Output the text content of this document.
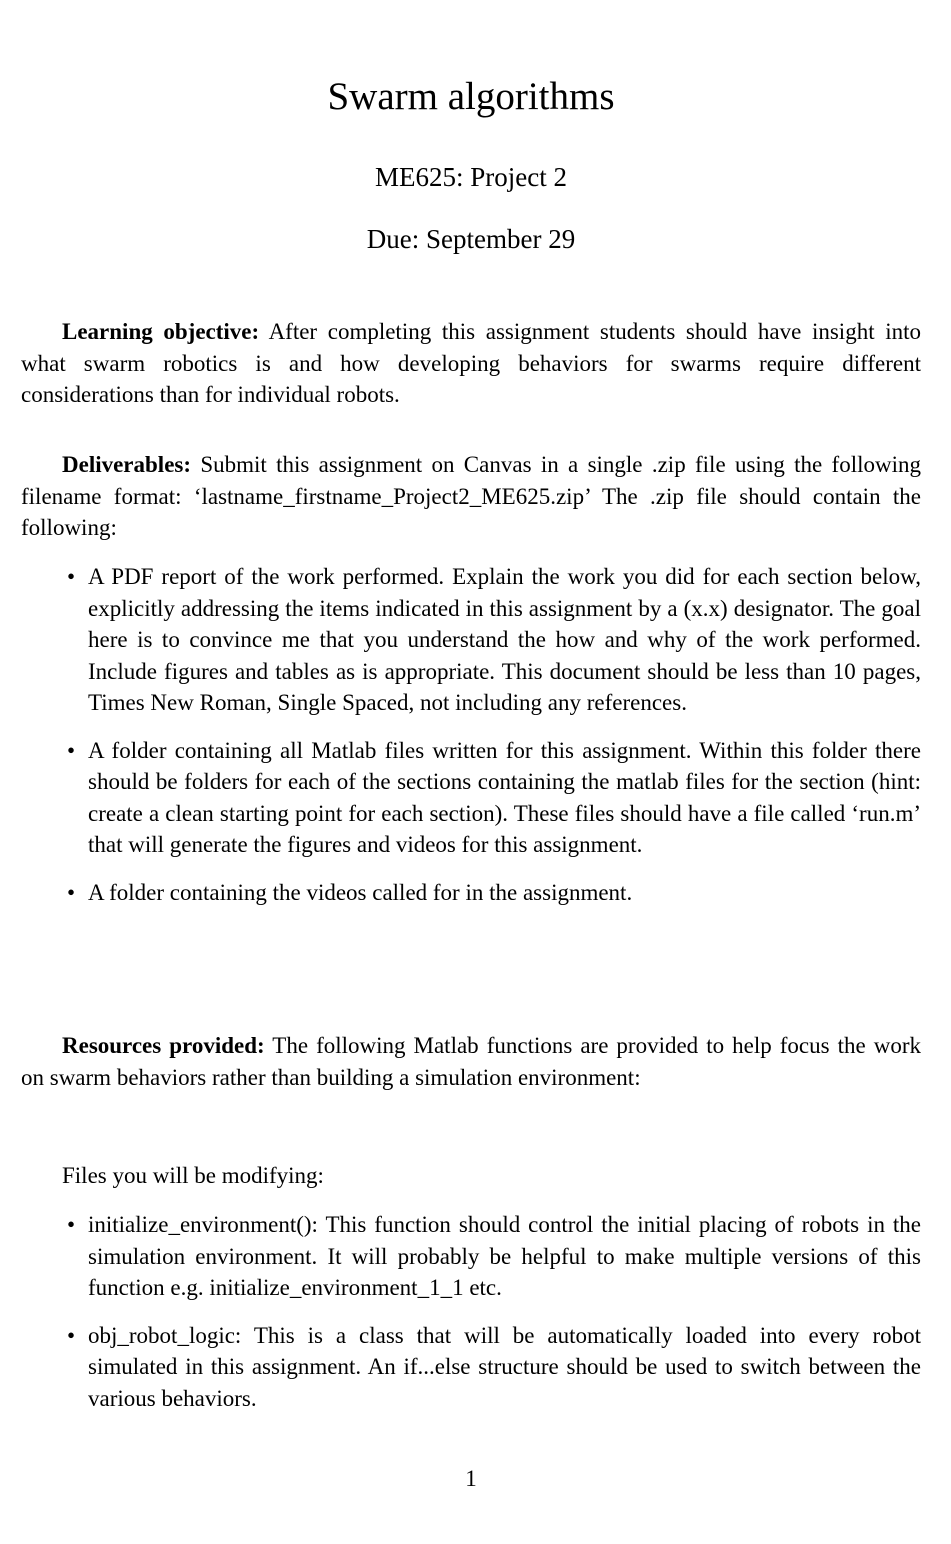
Swarm algorithms
ME625: Project 2
Due: September 29

Learning objective: After completing this assignment students should have insight into what swarm robotics is and how developing behaviors for swarms require different considerations than for individual robots.

Deliverables: Submit this assignment on Canvas in a single .zip file using the following filename format: ‘lastname_firstname_Project2_ME625.zip’ The .zip file should contain the following:

• A PDF report of the work performed. Explain the work you did for each section below, explicitly addressing the items indicated in this assignment by a (x.x) designator. The goal here is to convince me that you understand the how and why of the work performed. Include figures and tables as is appropriate. This document should be less than 10 pages, Times New Roman, Single Spaced, not including any references.
• A folder containing all Matlab files written for this assignment. Within this folder there should be folders for each of the sections containing the matlab files for the section (hint: create a clean starting point for each section). These files should have a file called ‘run.m’ that will generate the figures and videos for this assignment.
• A folder containing the videos called for in the assignment.

Resources provided: The following Matlab functions are provided to help focus the work on swarm behaviors rather than building a simulation environment:

Files you will be modifying:

• initialize_environment(): This function should control the initial placing of robots in the simulation environment. It will probably be helpful to make multiple versions of this function e.g. initialize_environment_1_1 etc.
• obj_robot_logic: This is a class that will be automatically loaded into every robot simulated in this assignment. An if...else structure should be used to switch between the various behaviors.
1
